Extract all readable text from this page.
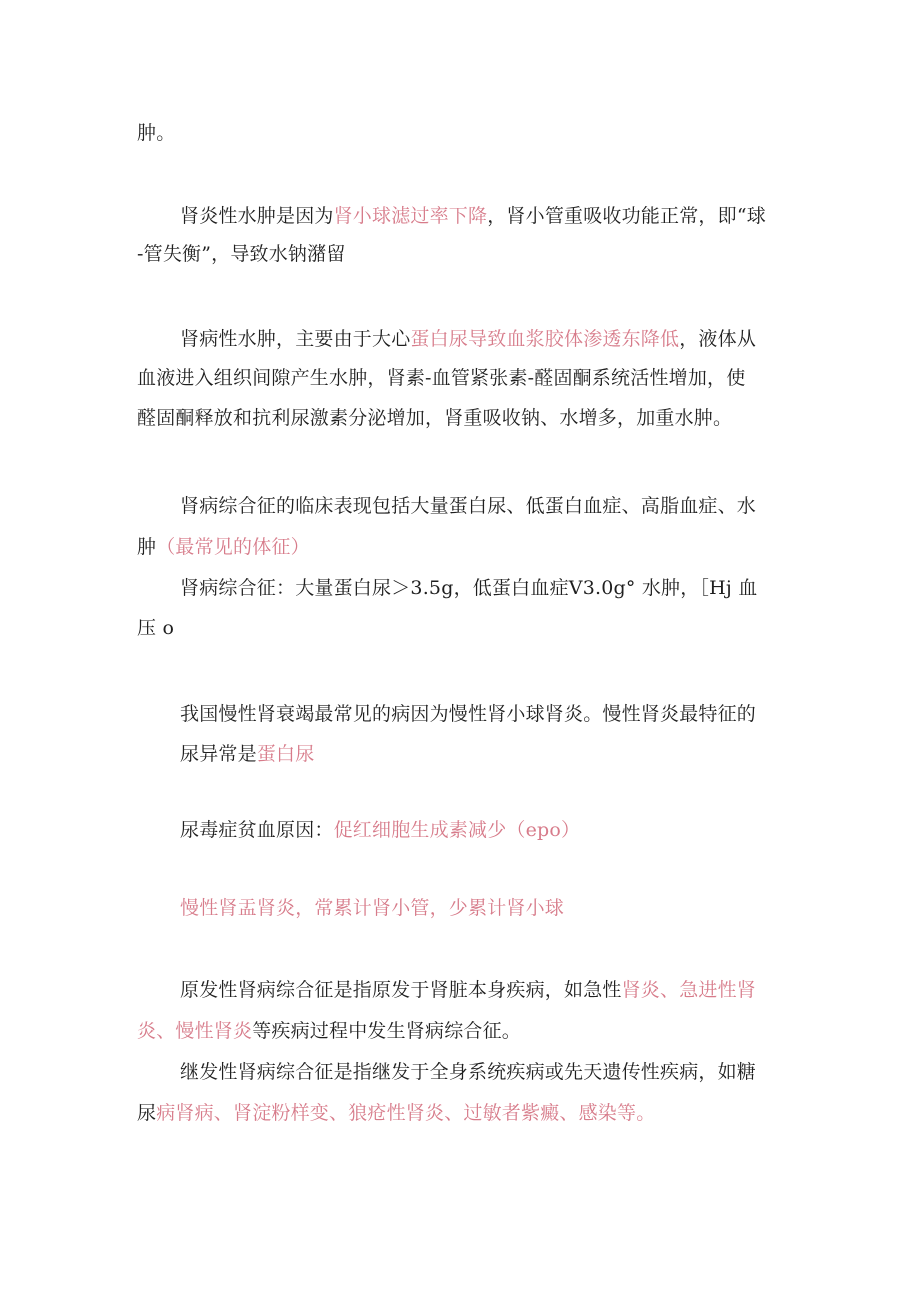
肿。
肾炎性水肿是因为肾小球滤过率下降，肾小管重吸收功能正常，即“球
-管失衡”，导致水钠潴留
肾病性水肿，主要由于大心蛋白尿导致血浆胶体渗透东降低，液体从
血液进入组织间隙产生水肿，肾素-血管紧张素-醛固酮系统活性增加，使
醛固酮释放和抗利尿激素分泌增加，肾重吸收钠、水增多，加重水肿。
肾病综合征的临床表现包括大量蛋白尿、低蛋白血症、高脂血症、水
肿（最常见的体征）
肾病综合征：大量蛋白尿＞3.5g，低蛋白血症V3.0g° 水肿，［Hj 血
压 o
我国慢性肾衰竭最常见的病因为慢性肾小球肾炎。慢性肾炎最特征的
尿异常是蛋白尿
尿毒症贫血原因：促红细胞生成素减少（epo）
慢性肾盂肾炎，常累计肾小管，少累计肾小球
原发性肾病综合征是指原发于肾脏本身疾病，如急性肾炎、急进性肾
炎、慢性肾炎等疾病过程中发生肾病综合征。
继发性肾病综合征是指继发于全身系统疾病或先天遗传性疾病，如糖
尿病肾病、肾淀粉样变、狼疮性肾炎、过敏者紫癜、感染等。
